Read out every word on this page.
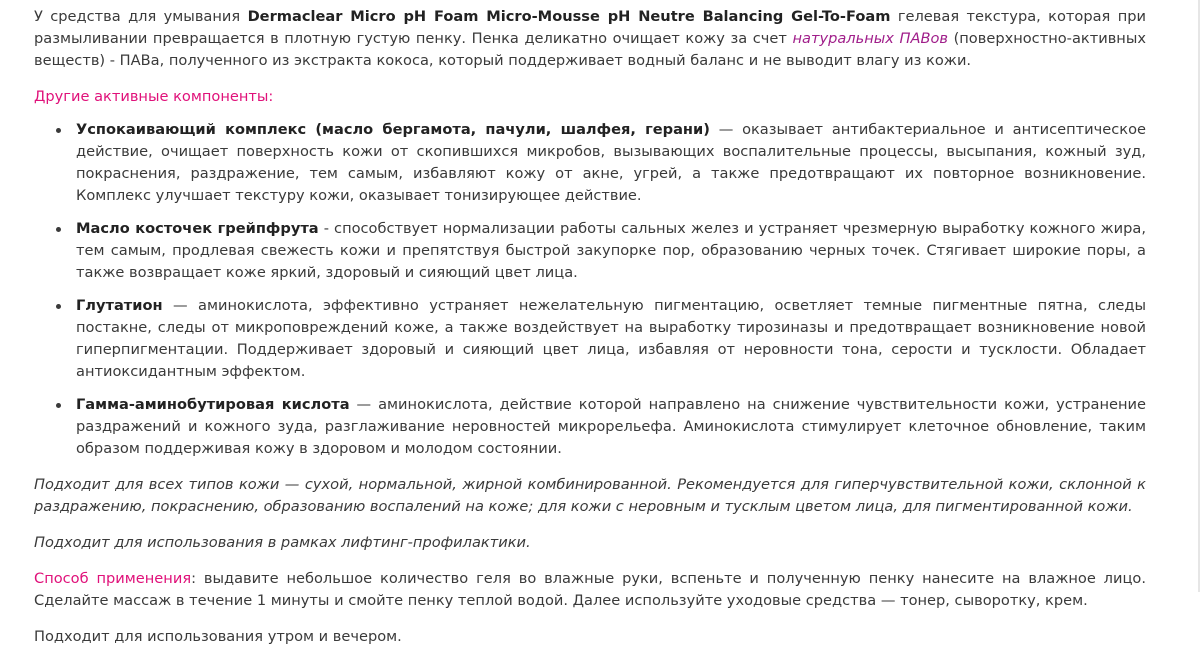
У средства для умывания Dermaclear Micro pH Foam Micro-Mousse pH Neutre Balancing Gel-To-Foam гелевая текстура, которая при размыливании превращается в плотную густую пенку. Пенка деликатно очищает кожу за счет натуральных ПАВов (поверхностно-активных веществ) - ПАВа, полученного из экстракта кокоса, который поддерживает водный баланс и не выводит влагу из кожи.

Другие активные компоненты:

Успокаивающий комплекс (масло бергамота, пачули, шалфея, герани) — оказывает антибактериальное и антисептическое действие, очищает поверхность кожи от скопившихся микробов, вызывающих воспалительные процессы, высыпания, кожный зуд, покраснения, раздражение, тем самым, избавляют кожу от акне, угрей, а также предотвращают их повторное возникновение. Комплекс улучшает текстуру кожи, оказывает тонизирующее действие.
Масло косточек грейпфрута - способствует нормализации работы сальных желез и устраняет чрезмерную выработку кожного жира, тем самым, продлевая свежесть кожи и препятствуя быстрой закупорке пор, образованию черных точек. Стягивает широкие поры, а также возвращает коже яркий, здоровый и сияющий цвет лица.
Глутатион — аминокислота, эффективно устраняет нежелательную пигментацию, осветляет темные пигментные пятна, следы постакне, следы от микроповреждений коже, а также воздействует на выработку тирозиназы и предотвращает возникновение новой гиперпигментации. Поддерживает здоровый и сияющий цвет лица, избавляя от неровности тона, серости и тусклости. Обладает антиоксидантным эффектом.
Гамма-аминобутировая кислота — аминокислота, действие которой направлено на снижение чувствительности кожи, устранение раздражений и кожного зуда, разглаживание неровностей микрорельефа. Аминокислота стимулирует клеточное обновление, таким образом поддерживая кожу в здоровом и молодом состоянии.

Подходит для всех типов кожи — сухой, нормальной, жирной комбинированной. Рекомендуется для гиперчувствительной кожи, склонной к раздражению, покраснению, образованию воспалений на коже; для кожи с неровным и тусклым цветом лица, для пигментированной кожи.

Подходит для использования в рамках лифтинг-профилактики.

Способ применения: выдавите небольшое количество геля во влажные руки, вспеньте и полученную пенку нанесите на влажное лицо. Сделайте массаж в течение 1 минуты и смойте пенку теплой водой. Далее используйте уходовые средства — тонер, сыворотку, крем.

Подходит для использования утром и вечером.
